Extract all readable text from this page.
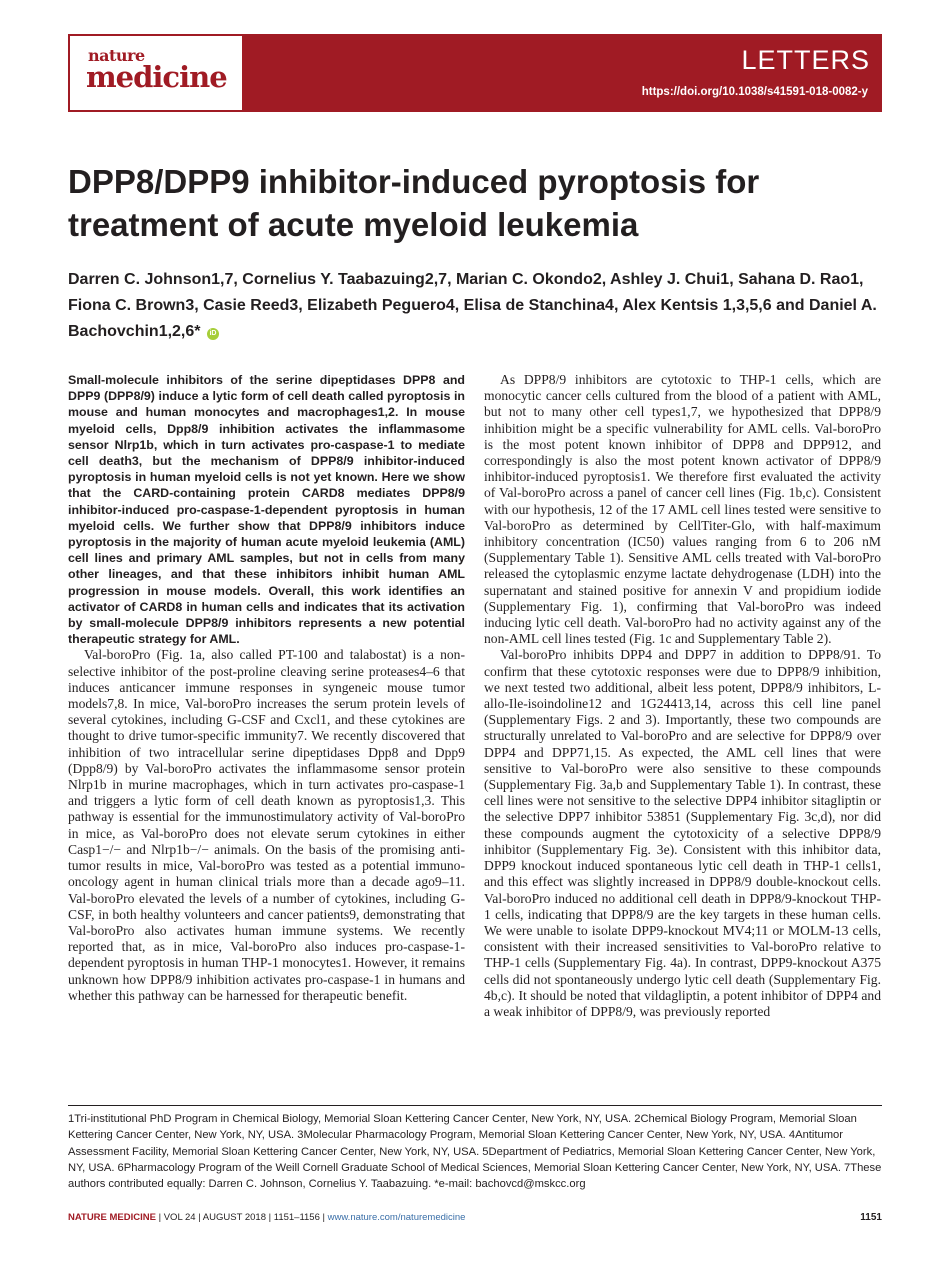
nature
medicine	LETTERS
https://doi.org/10.1038/s41591-018-0082-y
DPP8/DPP9 inhibitor-induced pyroptosis for treatment of acute myeloid leukemia

Darren C. Johnson1,7, Cornelius Y. Taabazuing2,7, Marian C. Okondo2, Ashley J. Chui1, Sahana D. Rao1, Fiona C. Brown3, Casie Reed3, Elizabeth Peguero4, Elisa de Stanchina4, Alex Kentsis 1,3,5,6 and Daniel A. Bachovchin1,2,6* iD

Small-molecule inhibitors of the serine dipeptidases DPP8 and DPP9 (DPP8/9) induce a lytic form of cell death called pyroptosis in mouse and human monocytes and macrophages1,2. In mouse myeloid cells, Dpp8/9 inhibition activates the inflammasome sensor Nlrp1b, which in turn activates pro-caspase-1 to mediate cell death3, but the mechanism of DPP8/9 inhibitor-induced pyroptosis in human myeloid cells is not yet known. Here we show that the CARD-containing protein CARD8 mediates DPP8/9 inhibitor-induced pro-caspase-1-dependent pyroptosis in human myeloid cells. We further show that DPP8/9 inhibitors induce pyroptosis in the majority of human acute myeloid leukemia (AML) cell lines and primary AML samples, but not in cells from many other lineages, and that these inhibitors inhibit human AML progression in mouse models. Overall, this work identifies an activator of CARD8 in human cells and indicates that its activation by small-molecule DPP8/9 inhibitors represents a new potential therapeutic strategy for AML.

Val-boroPro (Fig. 1a, also called PT-100 and talabostat) is a non-selective inhibitor of the post-proline cleaving serine proteases4–6 that induces anticancer immune responses in syngeneic mouse tumor models7,8. In mice, Val-boroPro increases the serum protein levels of several cytokines, including G-CSF and Cxcl1, and these cytokines are thought to drive tumor-specific immunity7. We recently discovered that inhibition of two intracellular serine dipeptidases Dpp8 and Dpp9 (Dpp8/9) by Val-boroPro activates the inflammasome sensor protein Nlrp1b in murine macrophages, which in turn activates pro-caspase-1 and triggers a lytic form of cell death known as pyroptosis1,3. This pathway is essential for the immunostimulatory activity of Val-boroPro in mice, as Val-boroPro does not elevate serum cytokines in either Casp1−/− and Nlrp1b−/− animals. On the basis of the promising anti-tumor results in mice, Val-boroPro was tested as a potential immuno-oncology agent in human clinical trials more than a decade ago9–11. Val-boroPro elevated the levels of a number of cytokines, including G-CSF, in both healthy volunteers and cancer patients9, demonstrating that Val-boroPro also activates human immune systems. We recently reported that, as in mice, Val-boroPro also induces pro-caspase-1-dependent pyroptosis in human THP-1 monocytes1. However, it remains unknown how DPP8/9 inhibition activates pro-caspase-1 in humans and whether this pathway can be harnessed for therapeutic benefit.

As DPP8/9 inhibitors are cytotoxic to THP-1 cells, which are monocytic cancer cells cultured from the blood of a patient with AML, but not to many other cell types1,7, we hypothesized that DPP8/9 inhibition might be a specific vulnerability for AML cells. Val-boroPro is the most potent known inhibitor of DPP8 and DPP912, and correspondingly is also the most potent known activator of DPP8/9 inhibitor-induced pyroptosis1. We therefore first evaluated the activity of Val-boroPro across a panel of cancer cell lines (Fig. 1b,c). Consistent with our hypothesis, 12 of the 17 AML cell lines tested were sensitive to Val-boroPro as determined by CellTiter-Glo, with half-maximum inhibitory concentration (IC50) values ranging from 6 to 206 nM (Supplementary Table 1). Sensitive AML cells treated with Val-boroPro released the cytoplasmic enzyme lactate dehydrogenase (LDH) into the supernatant and stained positive for annexin V and propidium iodide (Supplementary Fig. 1), confirming that Val-boroPro was indeed inducing lytic cell death. Val-boroPro had no activity against any of the non-AML cell lines tested (Fig. 1c and Supplementary Table 2).

Val-boroPro inhibits DPP4 and DPP7 in addition to DPP8/91. To confirm that these cytotoxic responses were due to DPP8/9 inhibition, we next tested two additional, albeit less potent, DPP8/9 inhibitors, L-allo-Ile-isoindoline12 and 1G24413,14, across this cell line panel (Supplementary Figs. 2 and 3). Importantly, these two compounds are structurally unrelated to Val-boroPro and are selective for DPP8/9 over DPP4 and DPP71,15. As expected, the AML cell lines that were sensitive to Val-boroPro were also sensitive to these compounds (Supplementary Fig. 3a,b and Supplementary Table 1). In contrast, these cell lines were not sensitive to the selective DPP4 inhibitor sitagliptin or the selective DPP7 inhibitor 53851 (Supplementary Fig. 3c,d), nor did these compounds augment the cytotoxicity of a selective DPP8/9 inhibitor (Supplementary Fig. 3e). Consistent with this inhibitor data, DPP9 knockout induced spontaneous lytic cell death in THP-1 cells1, and this effect was slightly increased in DPP8/9 double-knockout cells. Val-boroPro induced no additional cell death in DPP8/9-knockout THP-1 cells, indicating that DPP8/9 are the key targets in these human cells. We were unable to isolate DPP9-knockout MV4;11 or MOLM-13 cells, consistent with their increased sensitivities to Val-boroPro relative to THP-1 cells (Supplementary Fig. 4a). In contrast, DPP9-knockout A375 cells did not spontaneously undergo lytic cell death (Supplementary Fig. 4b,c). It should be noted that vildagliptin, a potent inhibitor of DPP4 and a weak inhibitor of DPP8/9, was previously reported

1Tri-institutional PhD Program in Chemical Biology, Memorial Sloan Kettering Cancer Center, New York, NY, USA. 2Chemical Biology Program, Memorial Sloan Kettering Cancer Center, New York, NY, USA. 3Molecular Pharmacology Program, Memorial Sloan Kettering Cancer Center, New York, NY, USA. 4Antitumor Assessment Facility, Memorial Sloan Kettering Cancer Center, New York, NY, USA. 5Department of Pediatrics, Memorial Sloan Kettering Cancer Center, New York, NY, USA. 6Pharmacology Program of the Weill Cornell Graduate School of Medical Sciences, Memorial Sloan Kettering Cancer Center, New York, NY, USA. 7These authors contributed equally: Darren C. Johnson, Cornelius Y. Taabazuing. *e-mail: bachovcd@mskcc.org

NATURE MEDICINE | VOL 24 | AUGUST 2018 | 1151–1156 | www.nature.com/naturemedicine	1151
